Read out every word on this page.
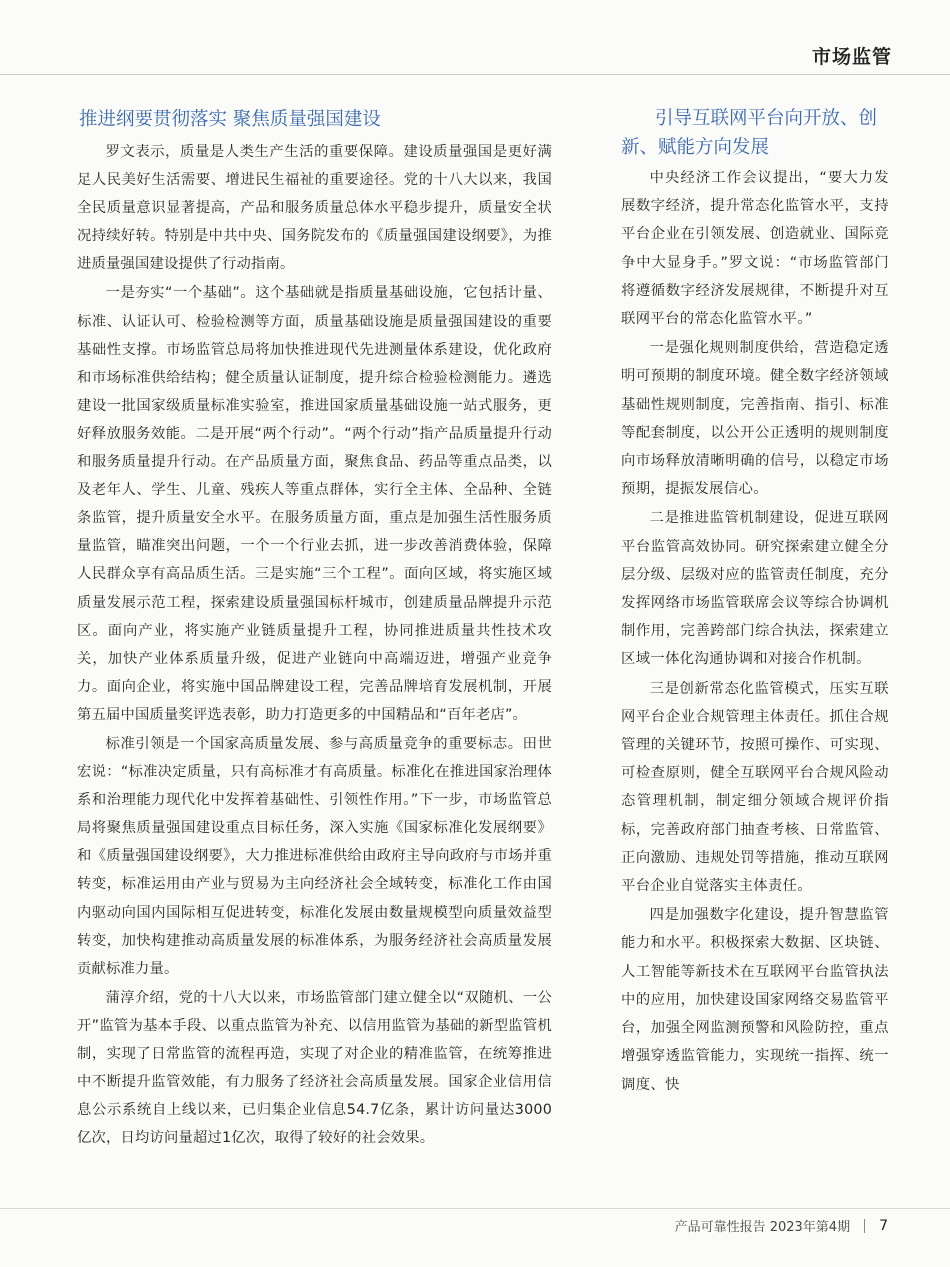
市场监管
推进纲要贯彻落实 聚焦质量强国建设

罗文表示，质量是人类生产生活的重要保障。建设质量强国是更好满足人民美好生活需要、增进民生福祉的重要途径。党的十八大以来，我国全民质量意识显著提高，产品和服务质量总体水平稳步提升，质量安全状况持续好转。特别是中共中央、国务院发布的《质量强国建设纲要》，为推进质量强国建设提供了行动指南。

一是夯实“一个基础”。这个基础就是指质量基础设施，它包括计量、标准、认证认可、检验检测等方面，质量基础设施是质量强国建设的重要基础性支撑。市场监管总局将加快推进现代先进测量体系建设，优化政府和市场标准供给结构；健全质量认证制度，提升综合检验检测能力。遴选建设一批国家级质量标准实验室，推进国家质量基础设施一站式服务，更好释放服务效能。二是开展“两个行动”。“两个行动”指产品质量提升行动和服务质量提升行动。在产品质量方面，聚焦食品、药品等重点品类，以及老年人、学生、儿童、残疾人等重点群体，实行全主体、全品种、全链条监管，提升质量安全水平。在服务质量方面，重点是加强生活性服务质量监管，瞄准突出问题，一个一个行业去抓，进一步改善消费体验，保障人民群众享有高品质生活。三是实施“三个工程”。面向区域，将实施区域质量发展示范工程，探索建设质量强国标杆城市，创建质量品牌提升示范区。面向产业，将实施产业链质量提升工程，协同推进质量共性技术攻关，加快产业体系质量升级，促进产业链向中高端迈进，增强产业竞争力。面向企业，将实施中国品牌建设工程，完善品牌培育发展机制，开展第五届中国质量奖评选表彰，助力打造更多的中国精品和“百年老店”。

标准引领是一个国家高质量发展、参与高质量竞争的重要标志。田世宏说：“标准决定质量，只有高标准才有高质量。标准化在推进国家治理体系和治理能力现代化中发挥着基础性、引领性作用。”下一步，市场监管总局将聚焦质量强国建设重点目标任务，深入实施《国家标准化发展纲要》和《质量强国建设纲要》，大力推进标准供给由政府主导向政府与市场并重转变，标准运用由产业与贸易为主向经济社会全域转变，标准化工作由国内驱动向国内国际相互促进转变，标准化发展由数量规模型向质量效益型转变，加快构建推动高质量发展的标准体系，为服务经济社会高质量发展贡献标准力量。

蒲淳介绍，党的十八大以来，市场监管部门建立健全以“双随机、一公开”监管为基本手段、以重点监管为补充、以信用监管为基础的新型监管机制，实现了日常监管的流程再造，实现了对企业的精准监管，在统筹推进中不断提升监管效能，有力服务了经济社会高质量发展。国家企业信用信息公示系统自上线以来，已归集企业信息54.7亿条，累计访问量达3000亿次，日均访问量超过1亿次，取得了较好的社会效果。

引导互联网平台向开放、创新、赋能方向发展

中央经济工作会议提出，“要大力发展数字经济，提升常态化监管水平，支持平台企业在引领发展、创造就业、国际竞争中大显身手。”罗文说：“市场监管部门将遵循数字经济发展规律，不断提升对互联网平台的常态化监管水平。”

一是强化规则制度供给，营造稳定透明可预期的制度环境。健全数字经济领域基础性规则制度，完善指南、指引、标准等配套制度，以公开公正透明的规则制度向市场释放清晰明确的信号，以稳定市场预期，提振发展信心。

二是推进监管机制建设，促进互联网平台监管高效协同。研究探索建立健全分层分级、层级对应的监管责任制度，充分发挥网络市场监管联席会议等综合协调机制作用，完善跨部门综合执法，探索建立区域一体化沟通协调和对接合作机制。

三是创新常态化监管模式，压实互联网平台企业合规管理主体责任。抓住合规管理的关键环节，按照可操作、可实现、可检查原则，健全互联网平台合规风险动态管理机制，制定细分领域合规评价指标，完善政府部门抽查考核、日常监管、正向激励、违规处罚等措施，推动互联网平台企业自觉落实主体责任。

四是加强数字化建设，提升智慧监管能力和水平。积极探索大数据、区块链、人工智能等新技术在互联网平台监管执法中的应用，加快建设国家网络交易监管平台，加强全网监测预警和风险防控，重点增强穿透监管能力，实现统一指挥、统一调度、快

产品可靠性报告 2023年第4期 7
